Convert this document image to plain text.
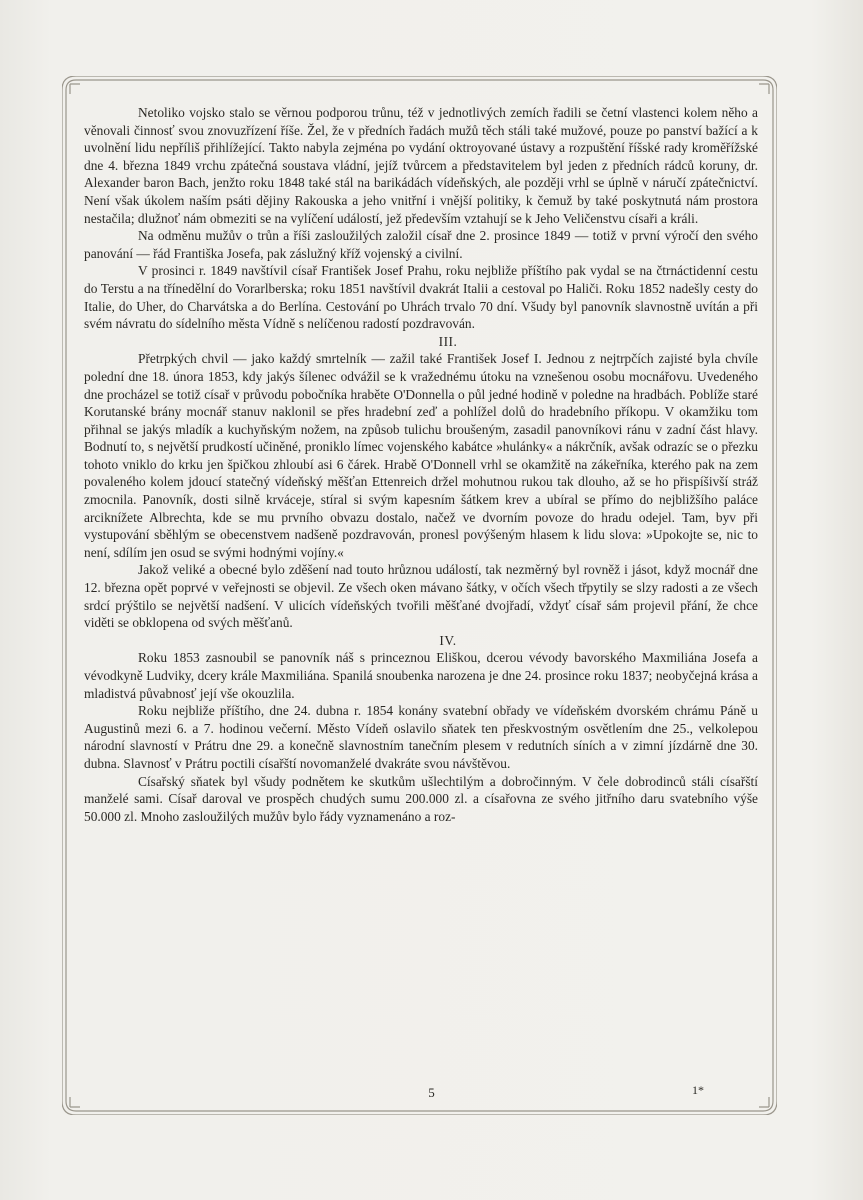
Netoliko vojsko stalo se věrnou podporou trůnu, též v jednotlivých zemích řadili se četní vlastenci kolem něho a věnovali činnosť svou znovuzřízení říše. Žel, že v předních řadách mužů těch stáli také mužové, pouze po panství bažící a k uvolnění lidu nepříliš přihlížející. Takto nabyla zejména po vydání oktroyované ústavy a rozpuštění říšské rady kroměřížské dne 4. března 1849 vrchu zpátečná soustava vládní, jejíž tvůrcem a představitelem byl jeden z předních rádců koruny, dr. Alexander baron Bach, jenžto roku 1848 také stál na barikádách vídeňských, ale později vrhl se úplně v náručí zpátečnictví. Není však úkolem naším psáti dějiny Rakouska a jeho vnitřní i vnější politiky, k čemuž by také poskytnutá nám prostora nestačila; dlužnoť nám obmeziti se na vylíčení událostí, jež především vztahují se k Jeho Veličenstvu císaři a králi.

Na odměnu mužův o trůn a říši zasloužilých založil císař dne 2. prosince 1849 — totiž v první výročí den svého panování — řád Františka Josefa, pak záslužný kříž vojenský a civilní.

V prosinci r. 1849 navštívil císař František Josef Prahu, roku nejbliže příštího pak vydal se na čtrnáctidenní cestu do Terstu a na třínedělní do Vorarlberska; roku 1851 navštívil dvakrát Italii a cestoval po Haliči. Roku 1852 nadešly cesty do Italie, do Uher, do Charvátska a do Berlína. Cestování po Uhrách trvalo 70 dní. Všudy byl panovník slavnostně uvítán a při svém návratu do sídelního města Vídně s nelíčenou radostí pozdravován.

III.

Přetrpkých chvil — jako každý smrtelník — zažil také František Josef I. Jednou z nejtrpčích zajisté byla chvíle polední dne 18. února 1853, kdy jakýs šílenec odvážil se k vražednému útoku na vznešenou osobu mocnářovu. Uvedeného dne procházel se totiž císař v průvodu pobočníka hraběte O'Donnella o půl jedné hodině v poledne na hradbách. Poblíže staré Korutanské brány mocnář stanuv naklonil se přes hradební zeď a pohlížel dolů do hradebního příkopu. V okamžiku tom přihnal se jakýs mladík a kuchyňským nožem, na způsob tulichu broušeným, zasadil panovníkovi ránu v zadní část hlavy. Bodnutí to, s největší prudkostí učiněné, proniklo límec vojenského kabátce »hulánky« a nákrčník, avšak odrazíc se o přezku tohoto vniklo do krku jen špičkou zhloubí asi 6 čárek. Hrabě O'Donnell vrhl se okamžitě na zákeřníka, kterého pak na zem povaleného kolem jdoucí statečný vídeňský měšťan Ettenreich držel mohutnou rukou tak dlouho, až se ho přispíšivší stráž zmocnila. Panovník, dosti silně krváceje, stíral si svým kapesním šátkem krev a ubíral se přímo do nejbližšího paláce arciknížete Albrechta, kde se mu prvního obvazu dostalo, načež ve dvorním povoze do hradu odejel. Tam, byv při vystupování sběhlým se obecenstvem nadšeně pozdravován, pronesl povýšeným hlasem k lidu slova: »Upokojte se, nic to není, sdílím jen osud se svými hodnými vojíny.«

Jakož veliké a obecné bylo zděšení nad touto hrůznou událostí, tak nezměrný byl rovněž i jásot, když mocnář dne 12. března opět poprvé v veřejnosti se objevil. Ze všech oken mávano šátky, v očích všech třpytily se slzy radosti a ze všech srdcí prýštilo se největší nadšení. V ulicích vídeňských tvořili měšťané dvojřadí, vždyť císař sám projevil přání, že chce viděti se obklopena od svých měšťanů.

IV.

Roku 1853 zasnoubil se panovník náš s princeznou Eliškou, dcerou vévody bavorského Maxmiliána Josefa a vévodkyně Ludviky, dcery krále Maxmiliána. Spanilá snoubenka narozena je dne 24. prosince roku 1837; neobyčejná krása a mladistvá půvabnosť její vše okouzlila.

Roku nejbliže příštího, dne 24. dubna r. 1854 konány svatební obřady ve vídeňském dvorském chrámu Páně u Augustinů mezi 6. a 7. hodinou večerní. Město Vídeň oslavilo sňatek ten přeskvostným osvětlením dne 25., velkolepou národní slavností v Prátru dne 29. a konečně slavnostním tanečním plesem v redutních síních a v zimní jízdárně dne 30. dubna. Slavnosť v Prátru poctili císařští novomanželé dvakráte svou návštěvou.

Císařský sňatek byl všudy podnětem ke skutkům ušlechtilým a dobročinným. V čele dobrodinců stáli císařští manželé sami. Císař daroval ve prospěch chudých sumu 200.000 zl. a císařovna ze svého jitřního daru svatebního výše 50.000 zl. Mnoho zasloužilých mužův bylo řády vyznamenáno a roz-

5	1*
